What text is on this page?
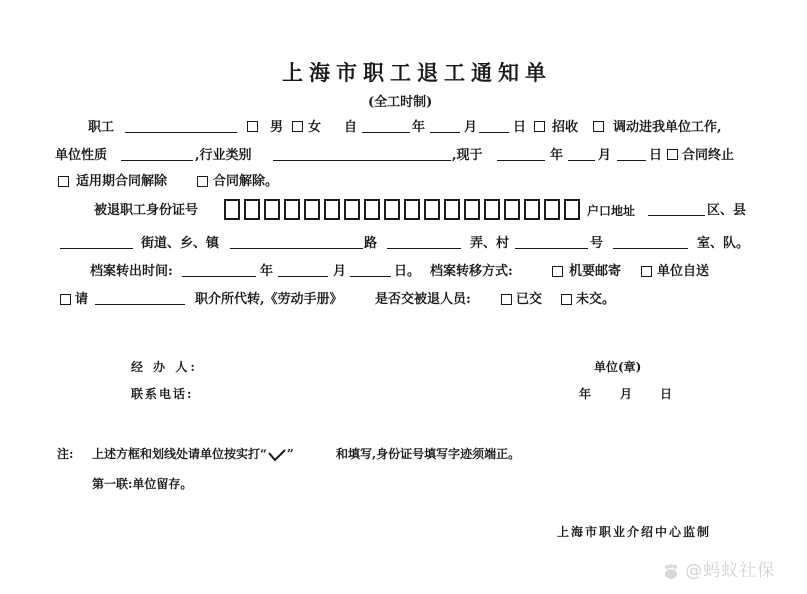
上海市职工退工通知单
(全工时制)
职工	男 女 自	年	月	日 招收	调动进我单位工作,
单位性质	,行业类别	,现于	年	月	日 合同终止
适用期合同解除	合同解除。
被退职工身份证号	户口地址	区、县
街道、乡、镇	路	弄、村	号	室、队。
档案转出时间:	年	月	日。 档案转移方式:	机要邮寄	单位自送
请	职介所代转,《劳动手册》 是否交被退人员:	已交	未交。
经 办 人:
联系电话:
单位(章)
年 月 日
注: 上述方框和划线处请单位按实打“ ”	和填写,身份证号填写字迹须端正。
第一联:单位留存。
上海市职业介绍中心监制
@蚂蚁社保
